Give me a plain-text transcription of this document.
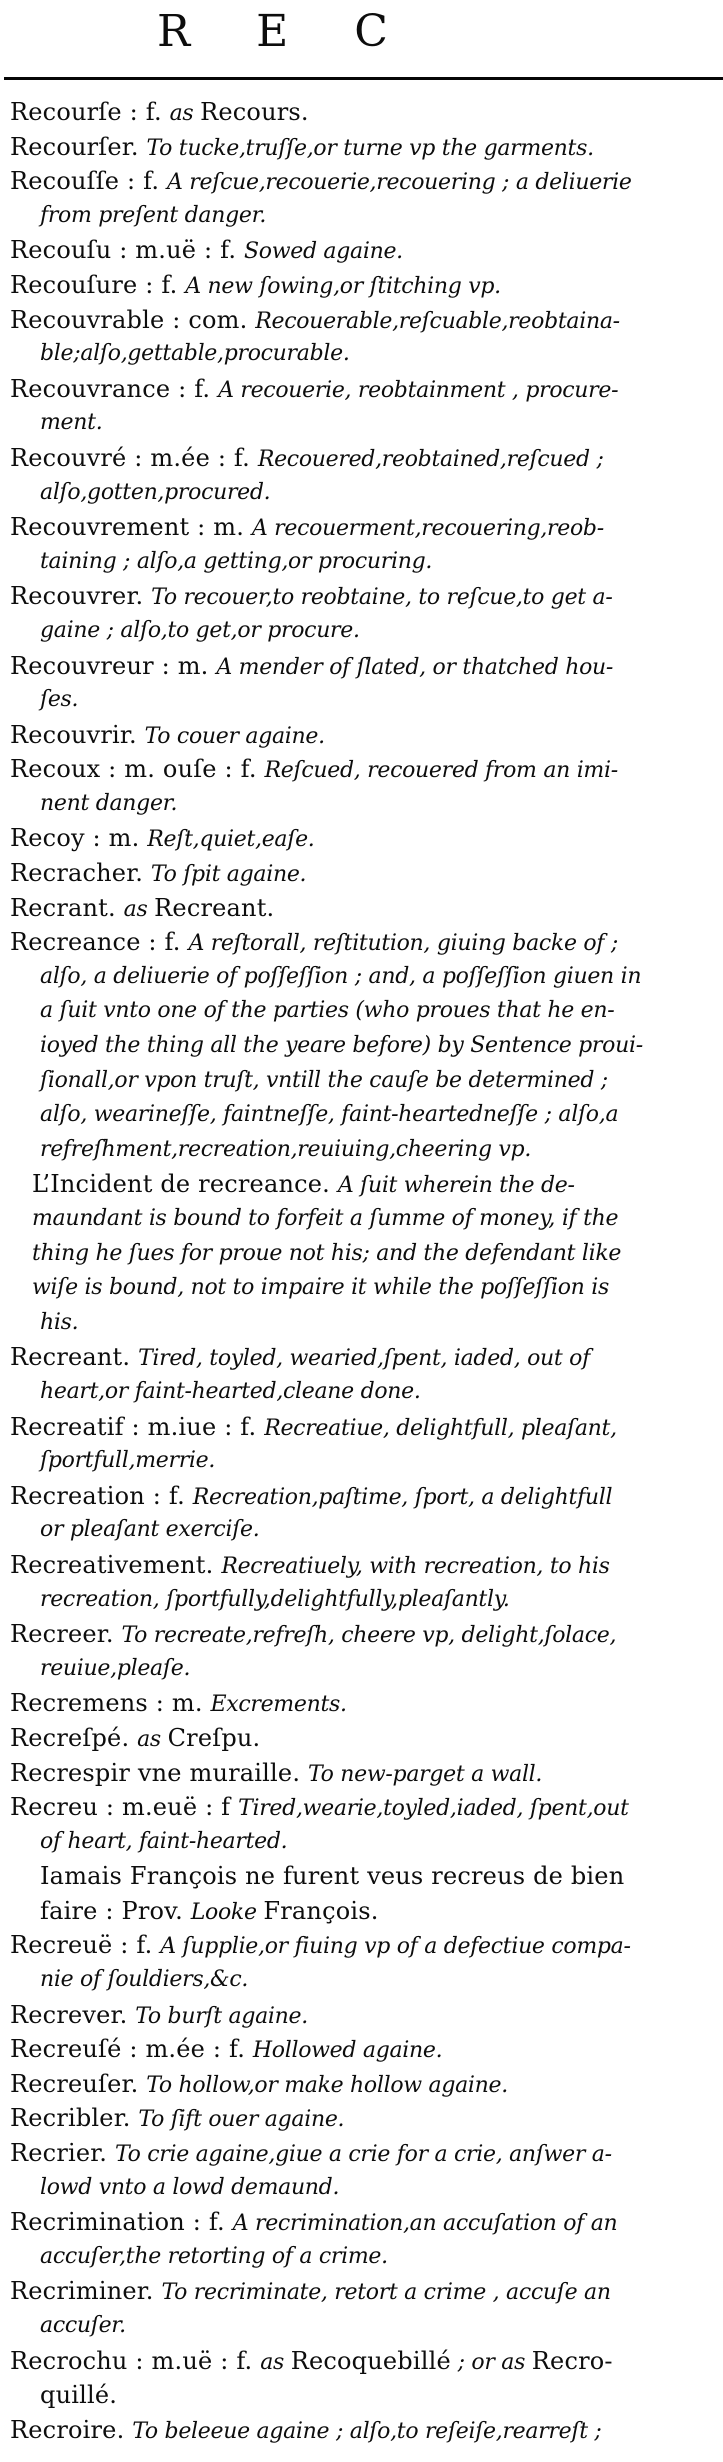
R E C
Recourſe : f. as Recours.
Recourſer. To tucke,truſſe,or turne vp the garments.
Recouſſe : f. A reſcue,recouerie,recouering ; a deliuerie
from preſent danger.
Recouſu : m.uë : f. Sowed againe.
Recouſure : f. A new ſowing,or ſtitching vp.
Recouvrable : com. Recouerable,reſcuable,reobtaina-
ble;alſo,gettable,procurable.
Recouvrance : f. A recouerie, reobtainment , procure-
ment.
Recouvré : m.ée : f. Recouered,reobtained,reſcued ;
alſo,gotten,procured.
Recouvrement : m. A recouerment,recouering,reob-
taining ; alſo,a getting,or procuring.
Recouvrer. To recouer,to reobtaine, to reſcue,to get a-
gaine ; alſo,to get,or procure.
Recouvreur : m. A mender of ſlated, or thatched hou-
ſes.
Recouvrir. To couer againe.
Recoux : m. ouſe : f. Reſcued, recouered from an imi-
nent danger.
Recoy : m. Reſt,quiet,eaſe.
Recracher. To ſpit againe.
Recrant. as Recreant.
Recreance : f. A reſtorall, reſtitution, giuing backe of ;
alſo, a deliuerie of poſſeſſion ; and, a poſſeſſion giuen in
a ſuit vnto one of the parties (who proues that he en-
ioyed the thing all the yeare before) by Sentence proui-
ſionall,or vpon truſt, vntill the cauſe be determined ;
alſo, wearineſſe, faintneſſe, faint-heartedneſſe ; alſo,a
refreſhment,recreation,reuiuing,cheering vp.
L’Incident de recreance. A ſuit wherein the de-
maundant is bound to forfeit a ſumme of money, if the
thing he ſues for proue not his; and the defendant like
wiſe is bound, not to impaire it while the poſſeſſion is
his.
Recreant. Tired, toyled, wearied,ſpent, iaded, out of
heart,or faint-hearted,cleane done.
Recreatif : m.iue : f. Recreatiue, delightfull, pleaſant,
ſportfull,merrie.
Recreation : f. Recreation,paſtime, ſport, a delightfull
or pleaſant exerciſe.
Recreativement. Recreatiuely, with recreation, to his
recreation, ſportfully,delightfully,pleaſantly.
Recreer. To recreate,refreſh, cheere vp, delight,ſolace,
reuiue,pleaſe.
Recremens : m. Excrements.
Recreſpé. as Creſpu.
Recrespir vne muraille. To new-parget a wall.
Recreu : m.euë : f Tired,wearie,toyled,iaded, ſpent,out
of heart, faint-hearted.
Iamais François ne furent veus recreus de bien
faire : Prov. Looke François.
Recreuë : f. A ſupplie,or fiuing vp of a defectiue compa-
nie of ſouldiers,&c.
Recrever. To burſt againe.
Recreuſé : m.ée : f. Hollowed againe.
Recreuſer. To hollow,or make hollow againe.
Recribler. To ſift ouer againe.
Recrier. To crie againe,giue a crie for a crie, anſwer a-
lowd vnto a lowd demaund.
Recrimination : f. A recrimination,an accuſation of an
accuſer,the retorting of a crime.
Recriminer. To recriminate, retort a crime , accuſe an
accuſer.
Recrochu : m.uë : f. as Recoquebillé ; or as Recro-
quillé.
Recroire. To beleeue againe ; alſo,to reſeiſe,rearreſt ;
